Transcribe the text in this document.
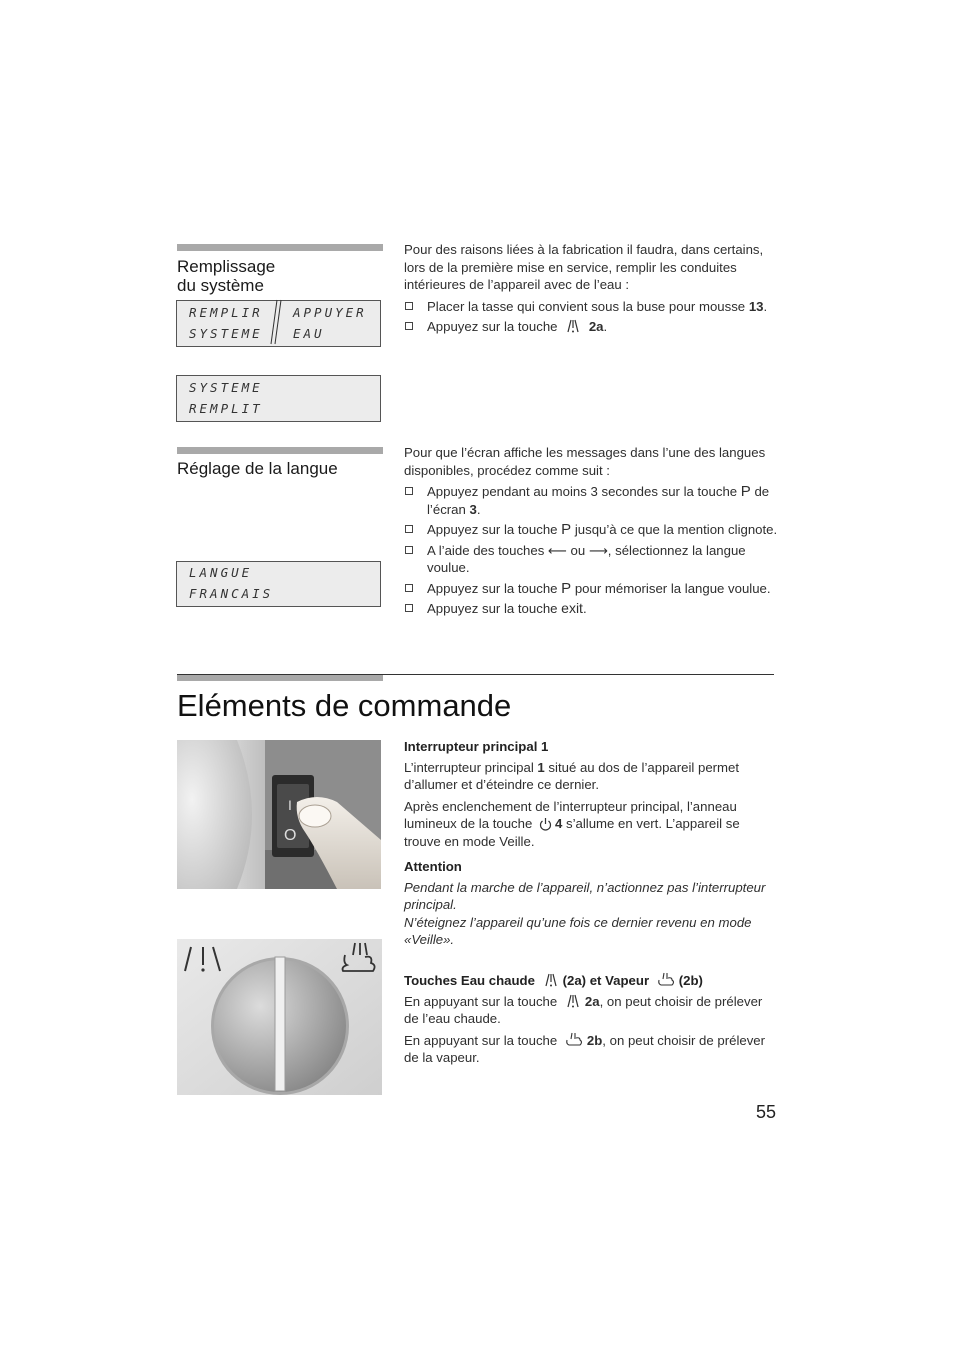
Remplissage
du système
REMPLIR
SYSTEME
APPUYER
EAU
SYSTEME
REMPLIT

Pour des raisons liées à la fabrication il faudra, dans certains, lors de la première mise en service, remplir les conduites intérieures de l’appareil avec de l’eau :

Placer la tasse qui convient sous la buse pour mousse 13.
Appuyez sur la touche  2a.
Réglage de la langue
LANGUE
FRANCAIS

Pour que l’écran affiche les messages dans l’une des langues disponibles, procédez comme suit :

Appuyez pendant au moins 3 secondes sur la touche P de l’écran 3.
Appuyez sur la touche P jusqu’à ce que la mention clignote.
A l’aide des touches ⟵ ou ⟶, sélectionnez la langue voulue.
Appuyez sur la touche P pour mémoriser la langue voulue.
Appuyez sur la touche exit.
Eléments de commande
I
O

Interrupteur principal 1

L’interrupteur principal 1 situé au dos de l’appareil permet d’allumer et d’éteindre ce dernier.

Après enclenchement de l’interrupteur principal, l’anneau lumineux de la touche 4 s’allume en vert. L’appareil se trouve en mode Veille.

Attention

Pendant la marche de l’appareil, n’actionnez pas l’interrupteur principal.

N’éteignez l’appareil qu’une fois ce dernier revenu en mode «Veille».

Touches Eau chaude (2a) et Vapeur (2b)

En appuyant sur la touche 2a, on peut choisir de prélever de l’eau chaude.

En appuyant sur la touche 2b, on peut choisir de prélever de la vapeur.

55
